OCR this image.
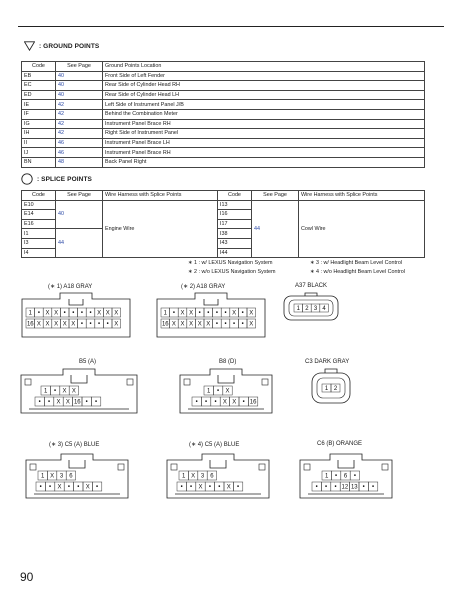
: GROUND POINTS
Code	See Page	Ground Points Location
EB	40	Front Side of Left Fender
EC	40	Rear Side of Cylinder Head RH
ED	40	Rear Side of Cylinder Head LH
IE	42	Left Side of Instrument Panel J/B
IF	42	Behind the Combination Meter
IG	42	Instrument Panel Brace RH
IH	42	Right Side of Instrument Panel
II	46	Instrument Panel Brace LH
IJ	46	Instrument Panel Brace RH
BN	48	Back Panel Right
: SPLICE POINTS
Code	See Page	Wire Harness with Splice Points	Code	See Page	Wire Harness with Splice Points
E10	40	Engine Wire	I13	44	Cowl Wire
E14			I16		
E16			I17		
I1	44		I38		
I3			I43		
I4			I44		
∗ 1 : w/ LEXUS Navigation System	∗ 3 : w/ Headlight Beam Level Control
∗ 2 : w/o LEXUS Navigation System	∗ 4 : w/o Headlight Beam Level Control
(∗ 1) A18 GRAY	(∗ 2) A18 GRAY	A37 BLACK
B5 (A)	B8 (D)	C3 DARK GRAY
(∗ 3) C5 (A) BLUE	(∗ 4) C5 (A) BLUE	C6 (B) ORANGE
1 • X X • • • • X X X
16 X X X X X • • • • X
1 • X X • • • • X • X
16 X X X X X • • • • X
1 2 3 4
1 • X X
• • X X 16 • •
1 • X
• • • X X • 16
1 2
1 X 3 6
• • X • • X •
1 X 3 6
• • X • • X •
1 • 6 •
• • • 12 13 • •
90
